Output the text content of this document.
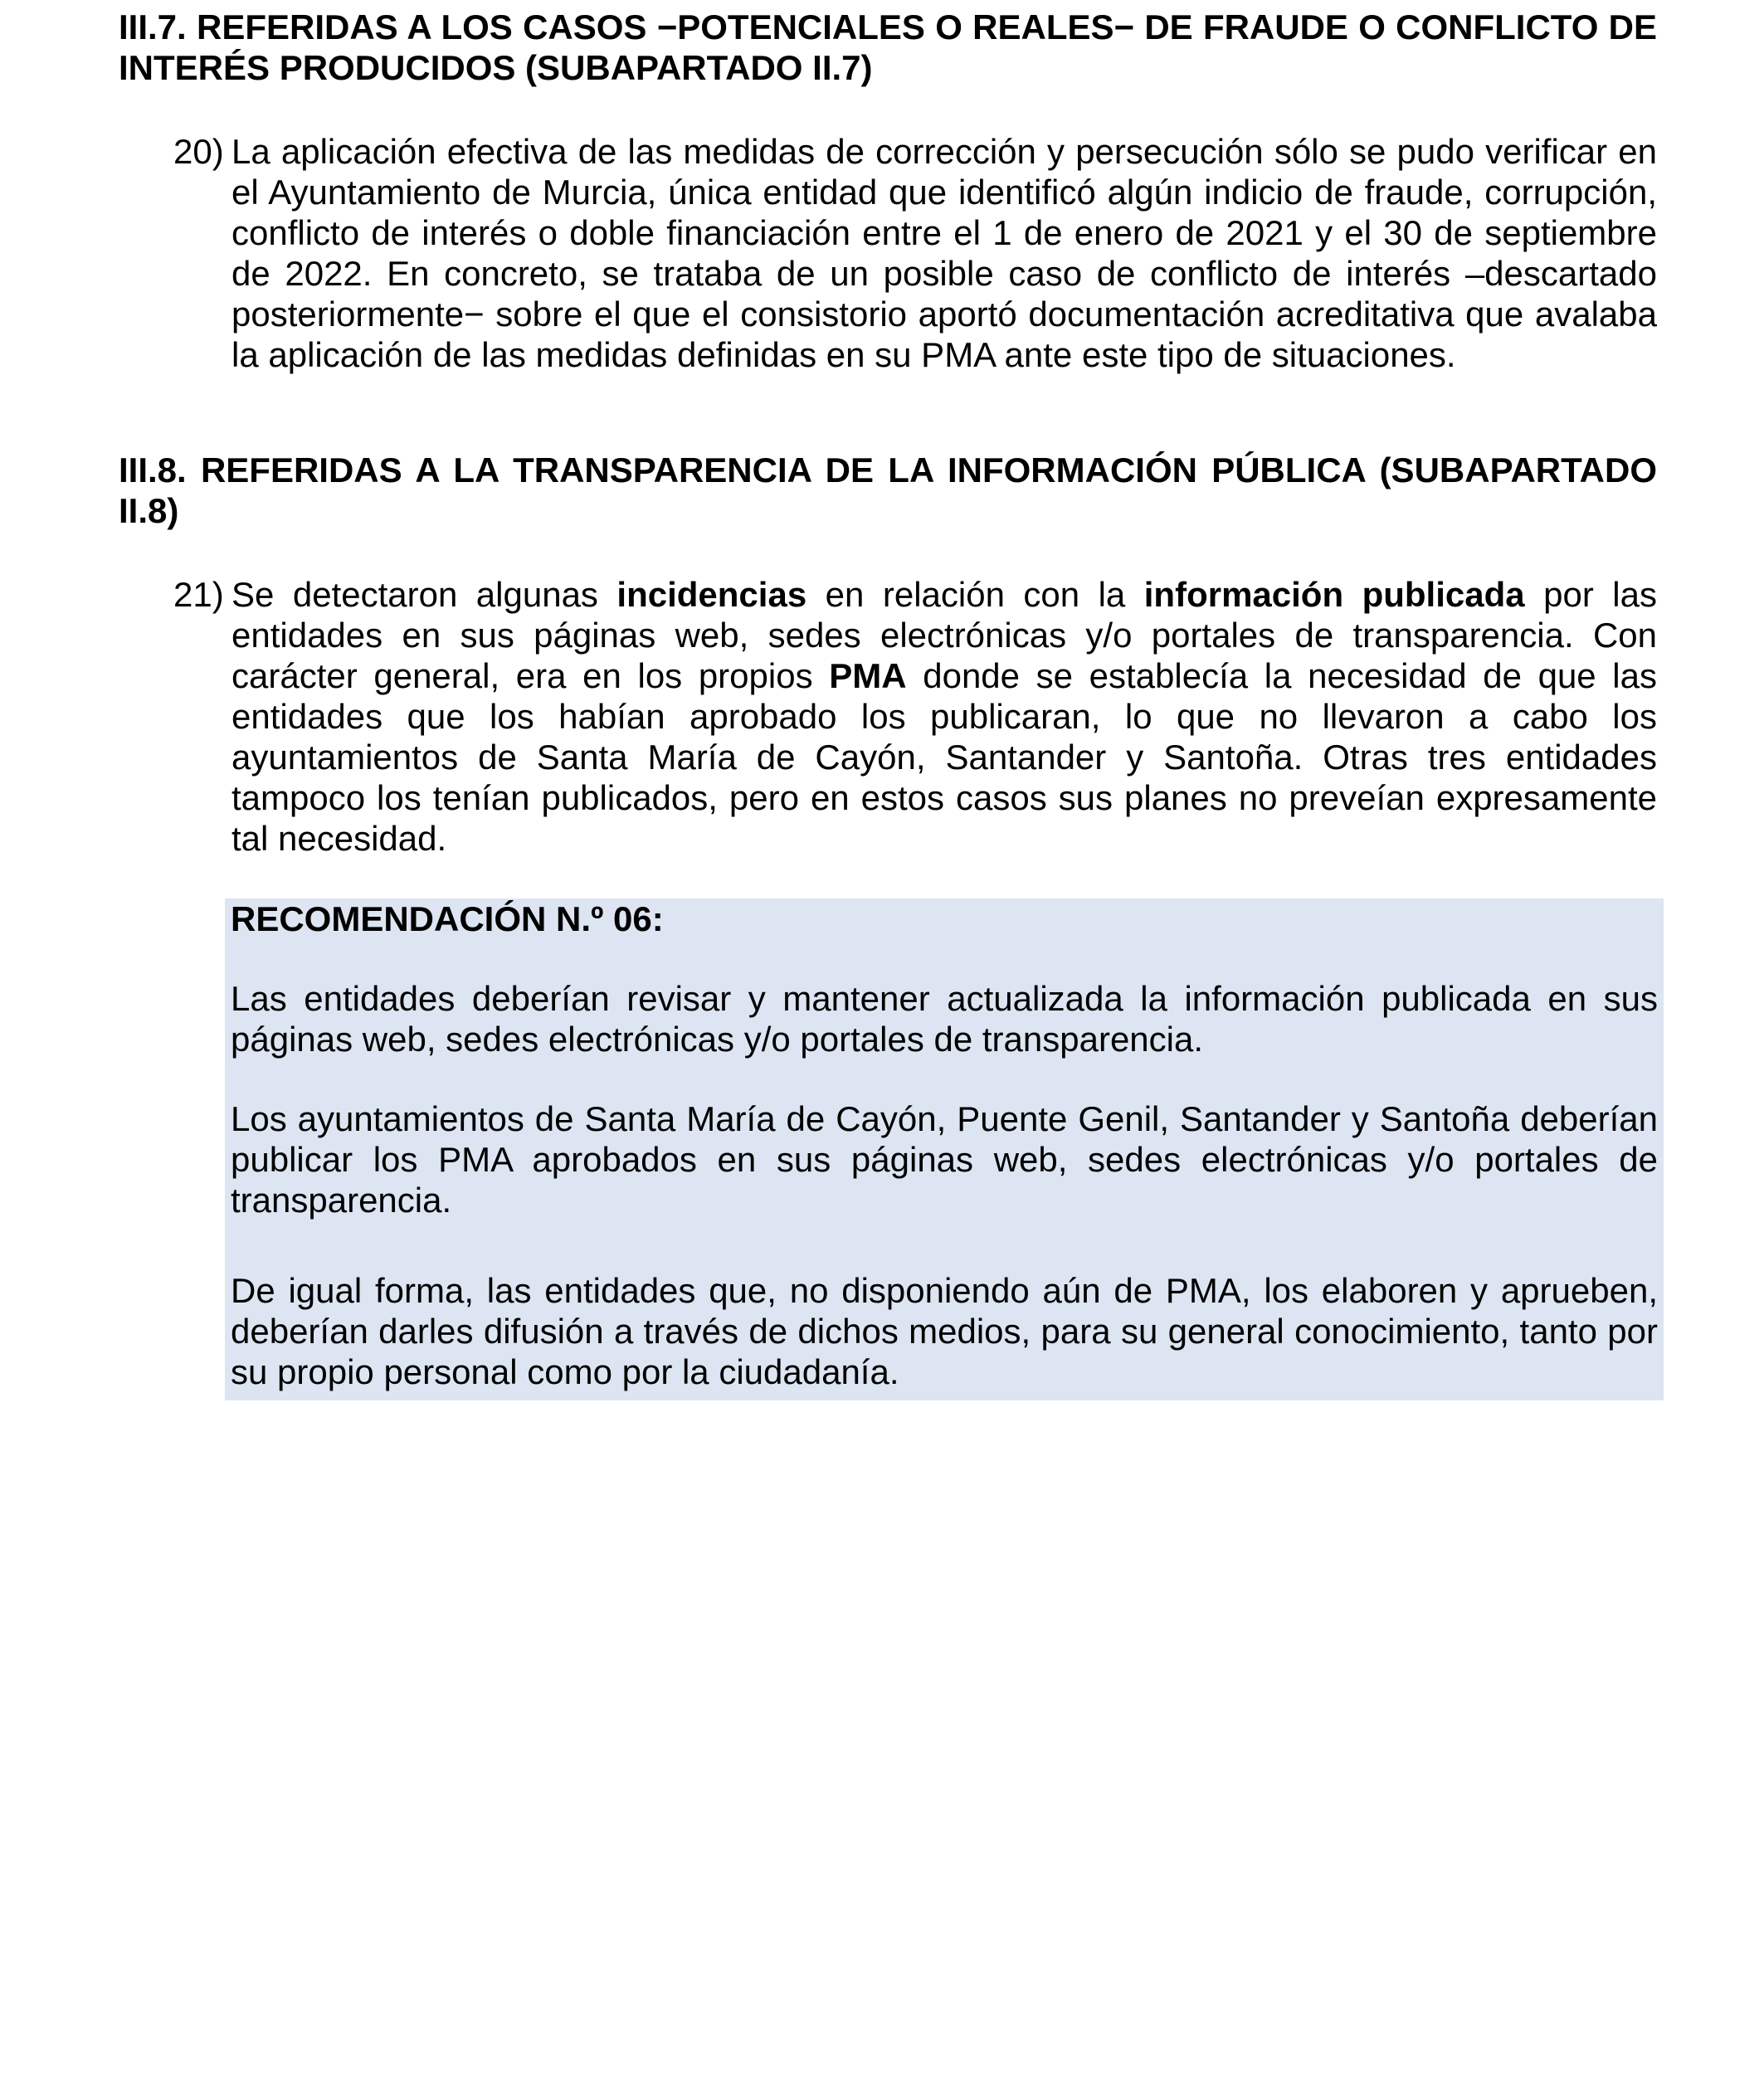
III.7. REFERIDAS A LOS CASOS −POTENCIALES O REALES− DE FRAUDE O CONFLICTO DE INTERÉS PRODUCIDOS (SUBAPARTADO II.7)
20) La aplicación efectiva de las medidas de corrección y persecución sólo se pudo verificar en el Ayuntamiento de Murcia, única entidad que identificó algún indicio de fraude, corrupción, conflicto de interés o doble financiación entre el 1 de enero de 2021 y el 30 de septiembre de 2022. En concreto, se trataba de un posible caso de conflicto de interés –descartado posteriormente− sobre el que el consistorio aportó documentación acreditativa que avalaba la aplicación de las medidas definidas en su PMA ante este tipo de situaciones.
III.8. REFERIDAS A LA TRANSPARENCIA DE LA INFORMACIÓN PÚBLICA (SUBAPARTADO II.8)
21) Se detectaron algunas incidencias en relación con la información publicada por las entidades en sus páginas web, sedes electrónicas y/o portales de transparencia. Con carácter general, era en los propios PMA donde se establecía la necesidad de que las entidades que los habían aprobado los publicaran, lo que no llevaron a cabo los ayuntamientos de Santa María de Cayón, Santander y Santoña. Otras tres entidades tampoco los tenían publicados, pero en estos casos sus planes no preveían expresamente tal necesidad.

RECOMENDACIÓN N.º 06:

Las entidades deberían revisar y mantener actualizada la información publicada en sus páginas web, sedes electrónicas y/o portales de transparencia.

Los ayuntamientos de Santa María de Cayón, Puente Genil, Santander y Santoña deberían publicar los PMA aprobados en sus páginas web, sedes electrónicas y/o portales de transparencia.

De igual forma, las entidades que, no disponiendo aún de PMA, los elaboren y aprueben, deberían darles difusión a través de dichos medios, para su general conocimiento, tanto por su propio personal como por la ciudadanía.
